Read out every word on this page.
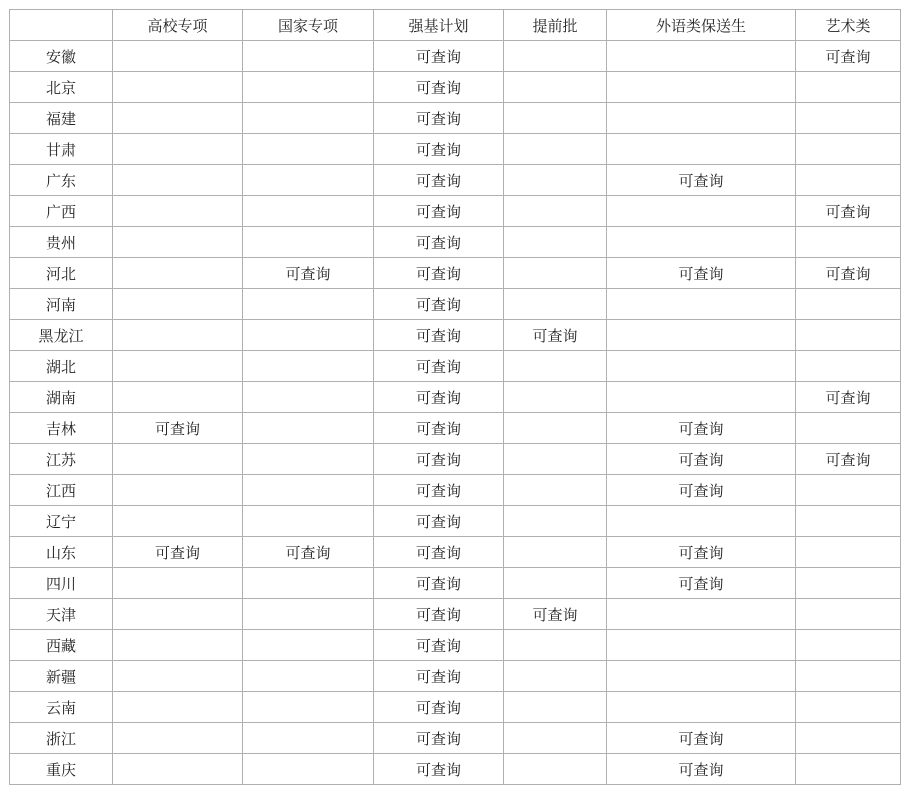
	高校专项	国家专项	强基计划	提前批	外语类保送生	艺术类
安徽			可查询			可查询
北京			可查询			
福建			可查询			
甘肃			可查询			
广东			可查询		可查询	
广西			可查询			可查询
贵州			可查询			
河北		可查询	可查询		可查询	可查询
河南			可查询			
黑龙江			可查询	可查询		
湖北			可查询			
湖南			可查询			可查询
吉林	可查询		可查询		可查询	
江苏			可查询		可查询	可查询
江西			可查询		可查询	
辽宁			可查询			
山东	可查询	可查询	可查询		可查询	
四川			可查询		可查询	
天津			可查询	可查询		
西藏			可查询			
新疆			可查询			
云南			可查询			
浙江			可查询		可查询	
重庆			可查询		可查询	
